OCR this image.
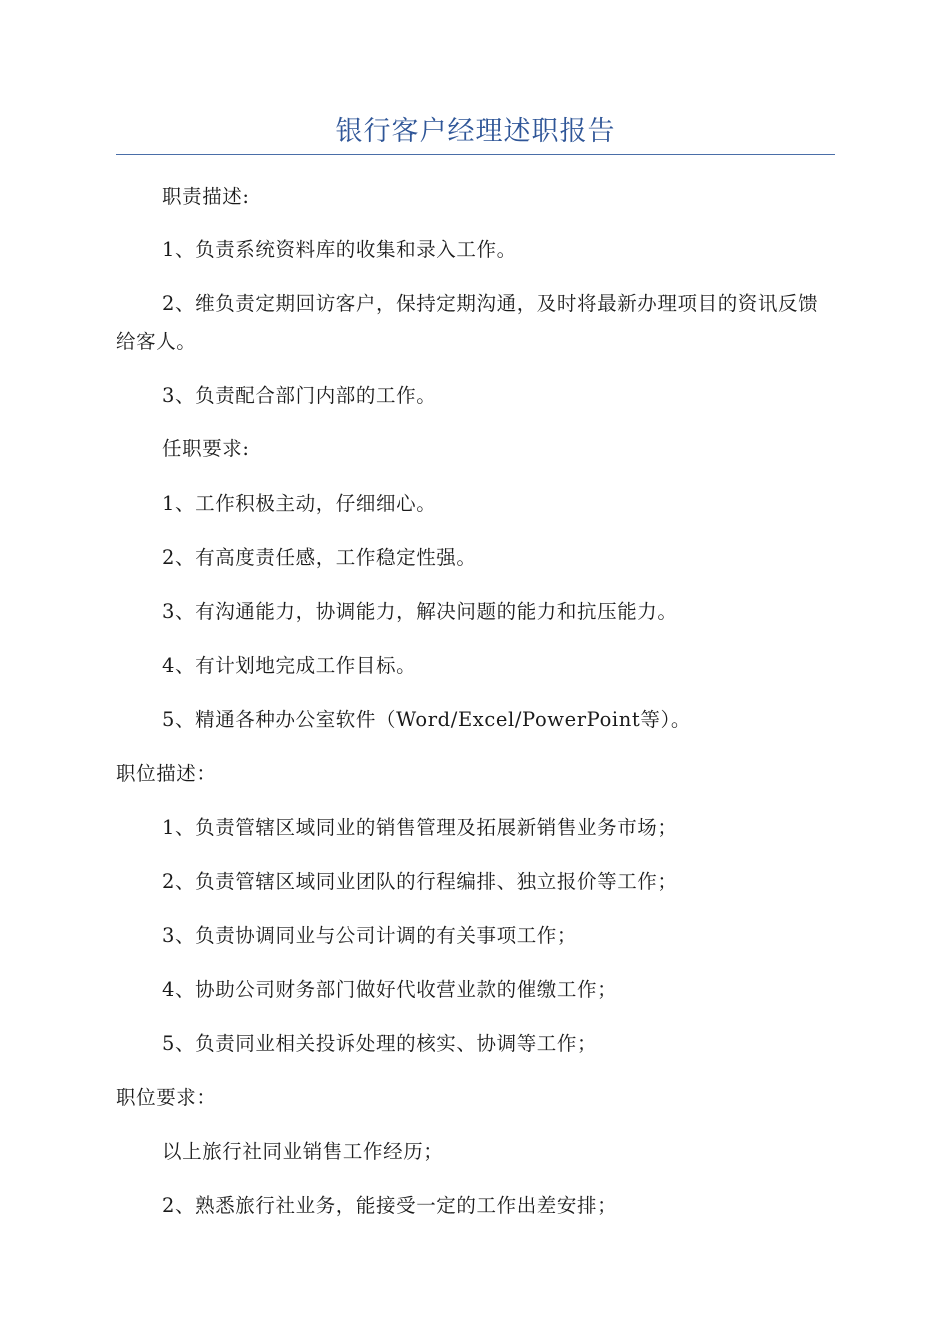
银行客户经理述职报告
职责描述:
1、负责系统资料库的收集和录入工作。
2、维负责定期回访客户，保持定期沟通，及时将最新办理项目的资讯反馈给客人。
3、负责配合部门内部的工作。
任职要求:
1、工作积极主动，仔细细心。
2、有高度责任感，工作稳定性强。
3、有沟通能力，协调能力，解决问题的能力和抗压能力。
4、有计划地完成工作目标。
5、精通各种办公室软件（Word/Excel/PowerPoint等）。
职位描述：
1、负责管辖区域同业的销售管理及拓展新销售业务市场；
2、负责管辖区域同业团队的行程编排、独立报价等工作；
3、负责协调同业与公司计调的有关事项工作；
4、协助公司财务部门做好代收营业款的催缴工作；
5、负责同业相关投诉处理的核实、协调等工作；
职位要求：
以上旅行社同业销售工作经历；
2、熟悉旅行社业务，能接受一定的工作出差安排；
